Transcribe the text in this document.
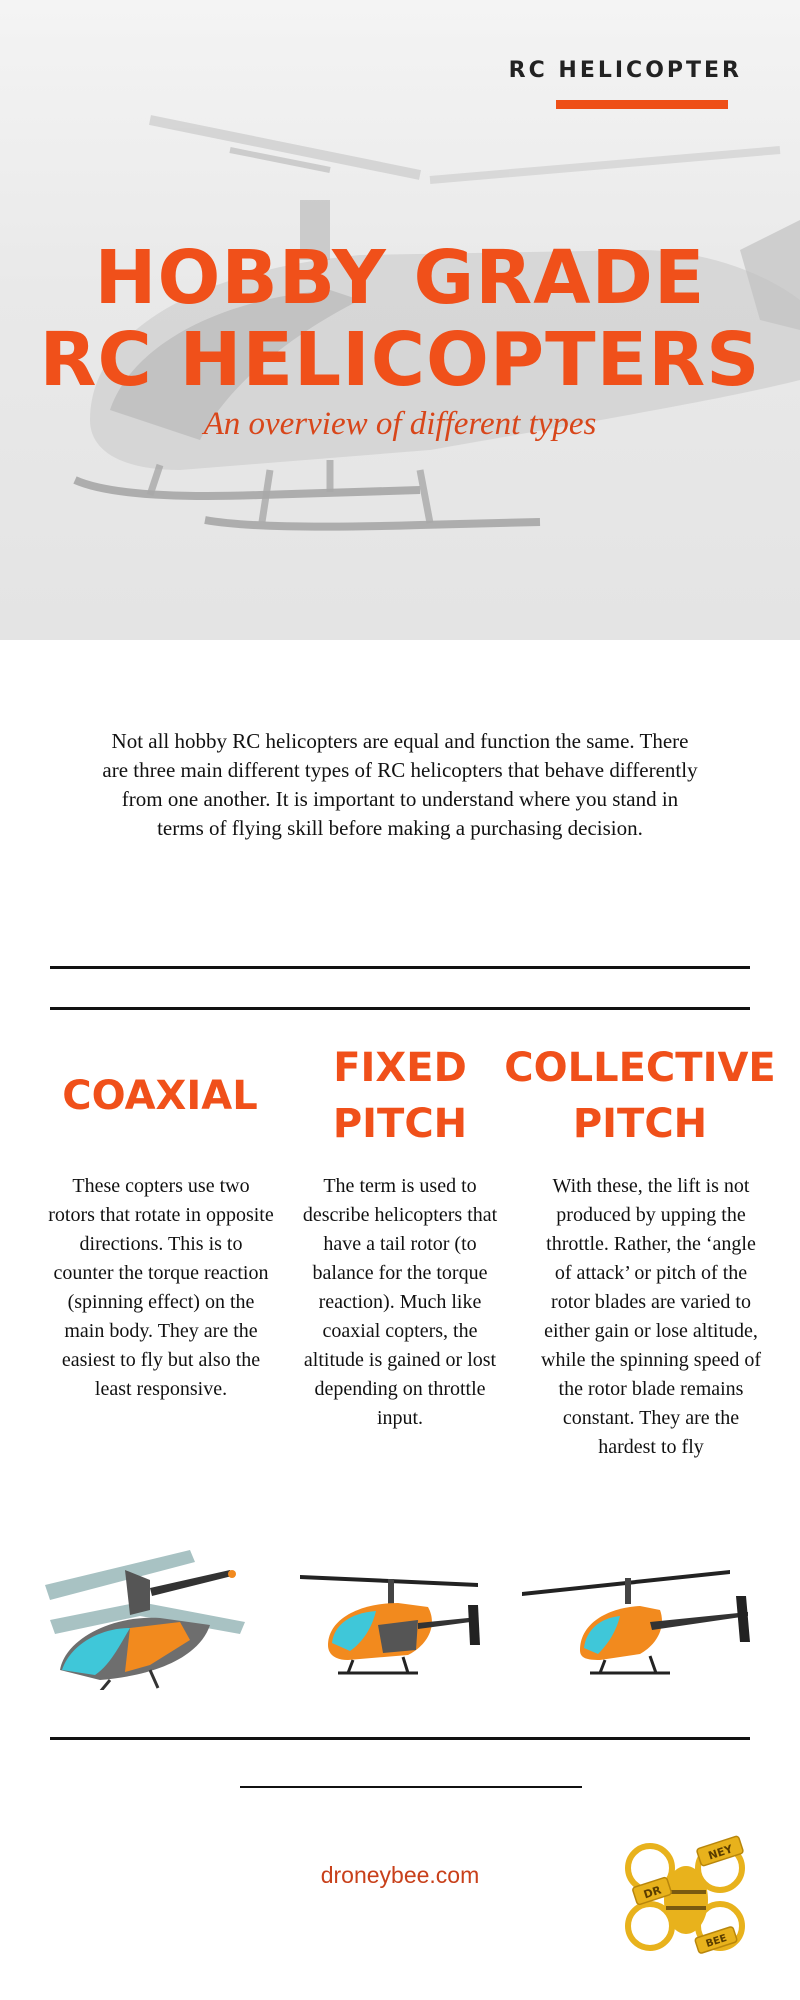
RC HELICOPTER
HOBBY GRADE
RC HELICOPTERS
An overview of different types
Not all hobby RC helicopters are equal and function the same. There are three main different types of RC helicopters that behave differently from one another. It is important to understand where you stand in terms of flying skill before making a purchasing decision.
COAXIAL
These copters use two rotors that rotate in opposite directions. This is to counter the torque reaction (spinning effect) on the main body. They are the easiest to fly but also the least responsive.
FIXED
PITCH
The term is used to describe helicopters that have a tail rotor (to balance for the torque reaction). Much like coaxial copters, the altitude is gained or lost depending on throttle input.
COLLECTIVE
PITCH
With these, the lift is not produced by upping the throttle. Rather, the ‘angle of attack’ or pitch of the rotor blades are varied to either gain or lose altitude, while the spinning speed of the rotor blade remains constant. They are the hardest to fly
droneybee.com
DR
NEY
BEE
